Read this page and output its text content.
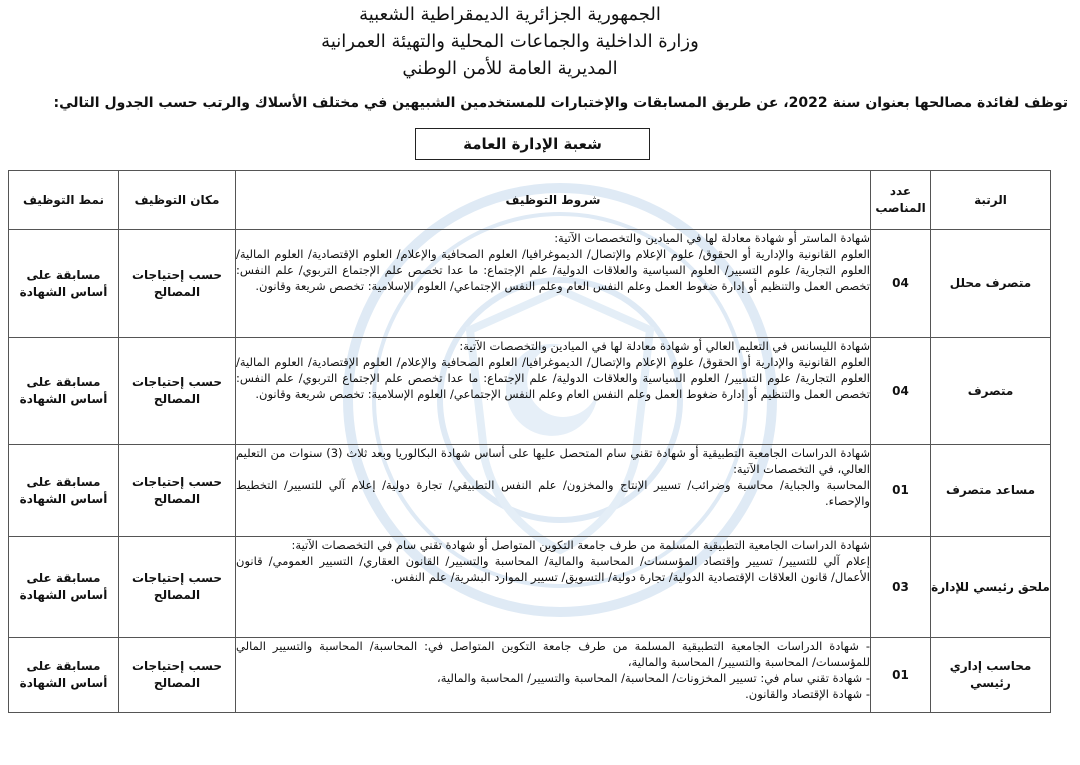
الجمهورية الجزائرية الديمقراطية الشعبية
وزارة الداخلية والجماعات المحلية والتهيئة العمرانية
المديرية العامة للأمن الوطني
توظف لفائدة مصالحها بعنوان سنة 2022، عن طريق المسابقات والإختبارات للمستخدمين الشبيهين في مختلف الأسلاك والرتب حسب الجدول التالي:
شعبة الإدارة العامة
الرتبة	عدد المناصب	شروط التوظيف	مكان التوظيف	نمط التوظيف
متصرف محلل	04	شهادة الماستر أو شهادة معادلة لها في الميادين والتخصصات الآتية:
العلوم القانونية والإدارية أو الحقوق/ علوم الإعلام والإتصال/ الديموغرافيا/ العلوم الصحافية والإعلام/ العلوم الإقتصادية/ العلوم المالية/ العلوم التجارية/ علوم التسيير/ العلوم السياسية والعلاقات الدولية/ علم الإجتماع: ما عدا تخصص علم الإجتماع التربوي/ علم النفس: تخصص العمل والتنظيم أو إدارة ضغوط العمل وعلم النفس العام وعلم النفس الإجتماعي/ العلوم الإسلامية: تخصص شريعة وقانون.	حسب إحتياجات المصالح	مسابقة على أساس الشهادة
متصرف	04	شهادة الليسانس في التعليم العالي أو شهادة معادلة لها في الميادين والتخصصات الآتية:
العلوم القانونية والإدارية أو الحقوق/ علوم الإعلام والإتصال/ الديموغرافيا/ العلوم الصحافية والإعلام/ العلوم الإقتصادية/ العلوم المالية/ العلوم التجارية/ علوم التسيير/ العلوم السياسية والعلاقات الدولية/ علم الإجتماع: ما عدا تخصص علم الإجتماع التربوي/ علم النفس: تخصص العمل والتنظيم أو إدارة ضغوط العمل وعلم النفس العام وعلم النفس الإجتماعي/ العلوم الإسلامية: تخصص شريعة وقانون.	حسب إحتياجات المصالح	مسابقة على أساس الشهادة
مساعد متصرف	01	شهادة الدراسات الجامعية التطبيقية أو شهادة تقني سام المتحصل عليها على أساس شهادة البكالوريا وبعد ثلاث (3) سنوات من التعليم العالي، في التخصصات الآتية:
المحاسبة والجباية/ محاسبة وضرائب/ تسيير الإنتاج والمخزون/ علم النفس التطبيقي/ تجارة دولية/ إعلام آلي للتسيير/ التخطيط والإحصاء.	حسب إحتياجات المصالح	مسابقة على أساس الشهادة
ملحق رئيسي للإدارة	03	شهادة الدراسات الجامعية التطبيقية المسلمة من طرف جامعة التكوين المتواصل أو شهادة تقني سام في التخصصات الآتية:
إعلام آلي للتسيير/ تسيير وإقتصاد المؤسسات/ المحاسبة والمالية/ المحاسبة والتسيير/ القانون العقاري/ التسيير العمومي/ قانون الأعمال/ قانون العلاقات الإقتصادية الدولية/ تجارة دولية/ التسويق/ تسيير الموارد البشرية/ علم النفس.	حسب إحتياجات المصالح	مسابقة على أساس الشهادة
محاسب إداري رئيسي	01	- شهادة الدراسات الجامعية التطبيقية المسلمة من طرف جامعة التكوين المتواصل في: المحاسبة/ المحاسبة والتسيير المالي للمؤسسات/ المحاسبة والتسيير/ المحاسبة والمالية،
- شهادة تقني سام في: تسيير المخزونات/ المحاسبة/ المحاسبة والتسيير/ المحاسبة والمالية،
- شهادة الإقتصاد والقانون.	حسب إحتياجات المصالح	مسابقة على أساس الشهادة
